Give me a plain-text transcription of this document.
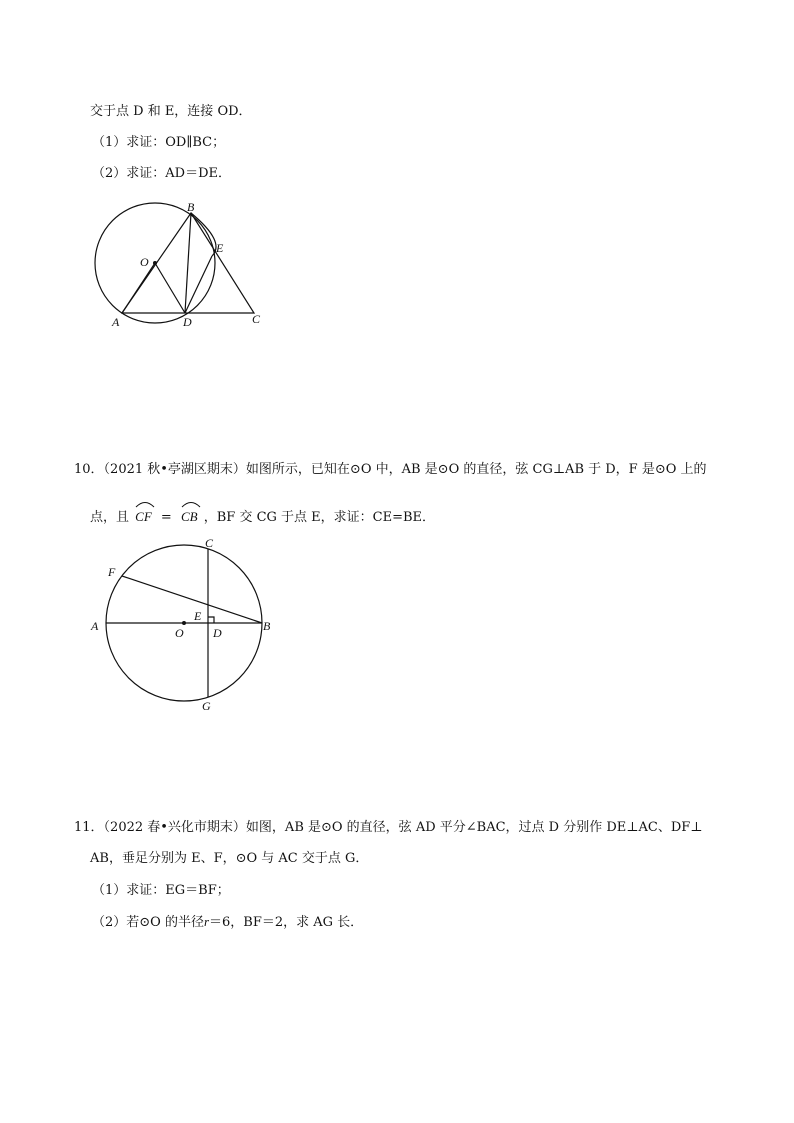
交于点 D 和 E，连接 OD．
（1）求证：OD∥BC；
（2）求证：AD＝DE．
B
E
O
A	D	C
10．（2021 秋•亭湖区期末）如图所示，已知在⊙O 中，AB 是⊙O 的直径，弦 CG⊥AB 于 D，F 是⊙O 上的
点，且 CF = CB ，BF 交 CG 于点 E，求证：CE=BE．
C
F
A	O
E
D	B
G
11．（2022 春•兴化市期末）如图，AB 是⊙O 的直径，弦 AD 平分∠BAC，过点 D 分别作 DE⊥AC、DF⊥
AB，垂足分别为 E、F，⊙O 与 AC 交于点 G．
（1）求证：EG＝BF；
（2）若⊙O 的半径r＝6，BF＝2，求 AG 长．
